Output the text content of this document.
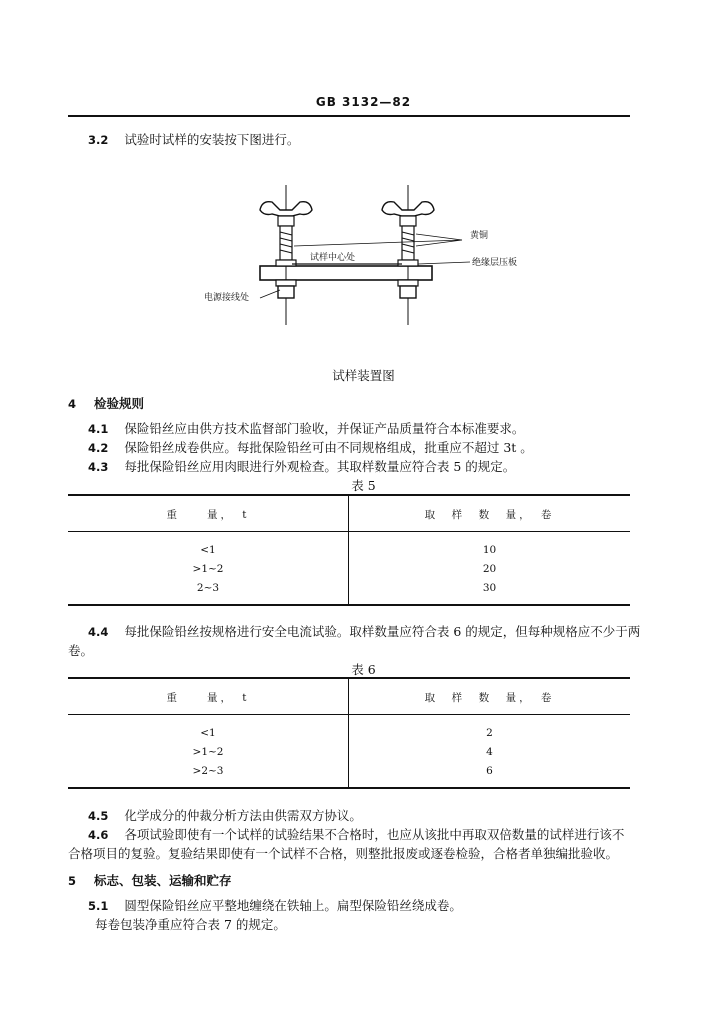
GB 3132—82
3.2 试验时试样的安装按下图进行。
黄铜
试样中心处	绝缘层压板
电源接线处
试样装置图
4 检验规则
4.1 保险铅丝应由供方技术监督部门验收，并保证产品质量符合本标准要求。
4.2 保险铅丝成卷供应。每批保险铅丝可由不同规格组成，批重应不超过 3t 。
4.3 每批保险铅丝应用肉眼进行外观检查。其取样数量应符合表 5 的规定。
表 5
重　　量，　t	取　样　数　量，　卷
<1	10
>1~2	20
2~3	30
4.4 每批保险铅丝按规格进行安全电流试验。取样数量应符合表 6 的规定，但每种规格应不少于两
卷。
表 6
重　　量，　t	取　样　数　量，　卷
<1	2
>1~2	4
>2~3	6
4.5 化学成分的仲裁分析方法由供需双方协议。
4.6 各项试验即使有一个试样的试验结果不合格时，也应从该批中再取双倍数量的试样进行该不
合格项目的复验。复验结果即使有一个试样不合格，则整批报废或逐卷检验，合格者单独编批验收。
5 标志、包装、运输和贮存
5.1 圆型保险铅丝应平整地缠绕在铁轴上。扁型保险铅丝绕成卷。
每卷包装净重应符合表 7 的规定。
